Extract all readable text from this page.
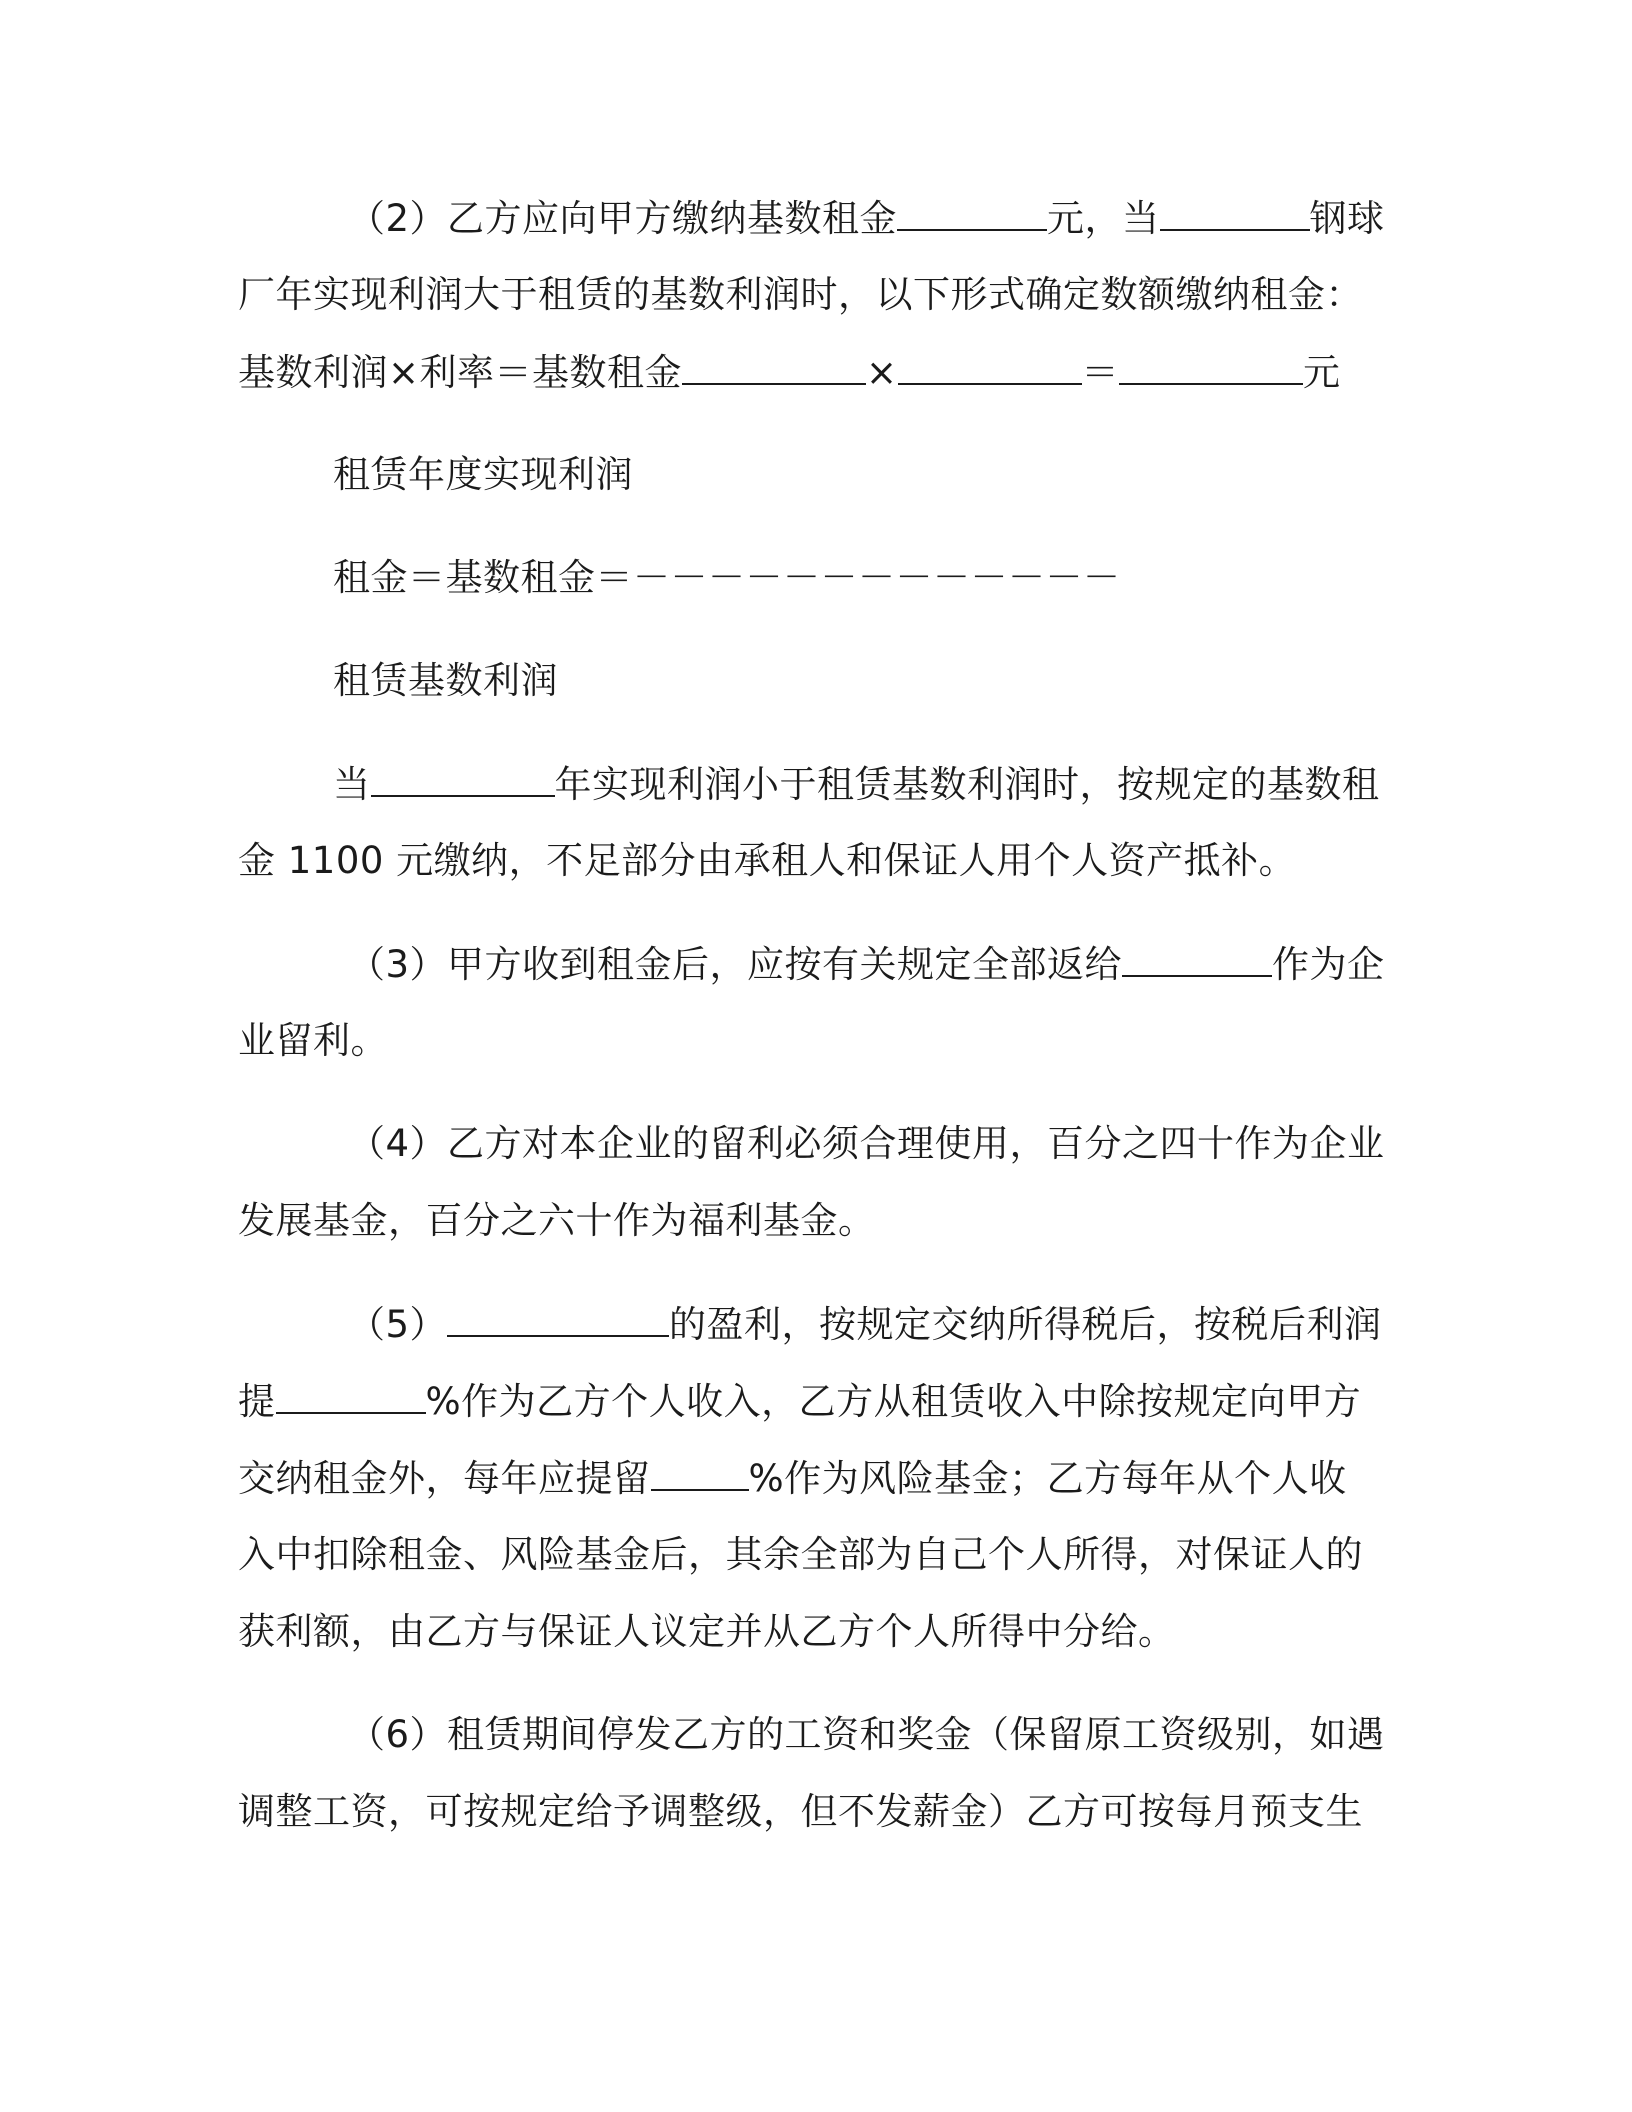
（2）乙方应向甲方缴纳基数租金	元，当	钢球
厂年实现利润大于租赁的基数利润时，以下形式确定数额缴纳租金：
基数利润×利率＝基数租金	×	＝	元
租赁年度实现利润
租金＝基数租金＝－－－－－－－－－－－－－
租赁基数利润
当	年实现利润小于租赁基数利润时，按规定的基数租
金 1100 元缴纳，不足部分由承租人和保证人用个人资产抵补。
（3）甲方收到租金后，应按有关规定全部返给	作为企
业留利。
（4）乙方对本企业的留利必须合理使用，百分之四十作为企业
发展基金，百分之六十作为福利基金。
（5）	的盈利，按规定交纳所得税后，按税后利润
提	%作为乙方个人收入，乙方从租赁收入中除按规定向甲方
交纳租金外，每年应提留	%作为风险基金；乙方每年从个人收
入中扣除租金、风险基金后，其余全部为自己个人所得，对保证人的
获利额，由乙方与保证人议定并从乙方个人所得中分给。
（6）租赁期间停发乙方的工资和奖金（保留原工资级别，如遇
调整工资，可按规定给予调整级，但不发薪金）乙方可按每月预支生
